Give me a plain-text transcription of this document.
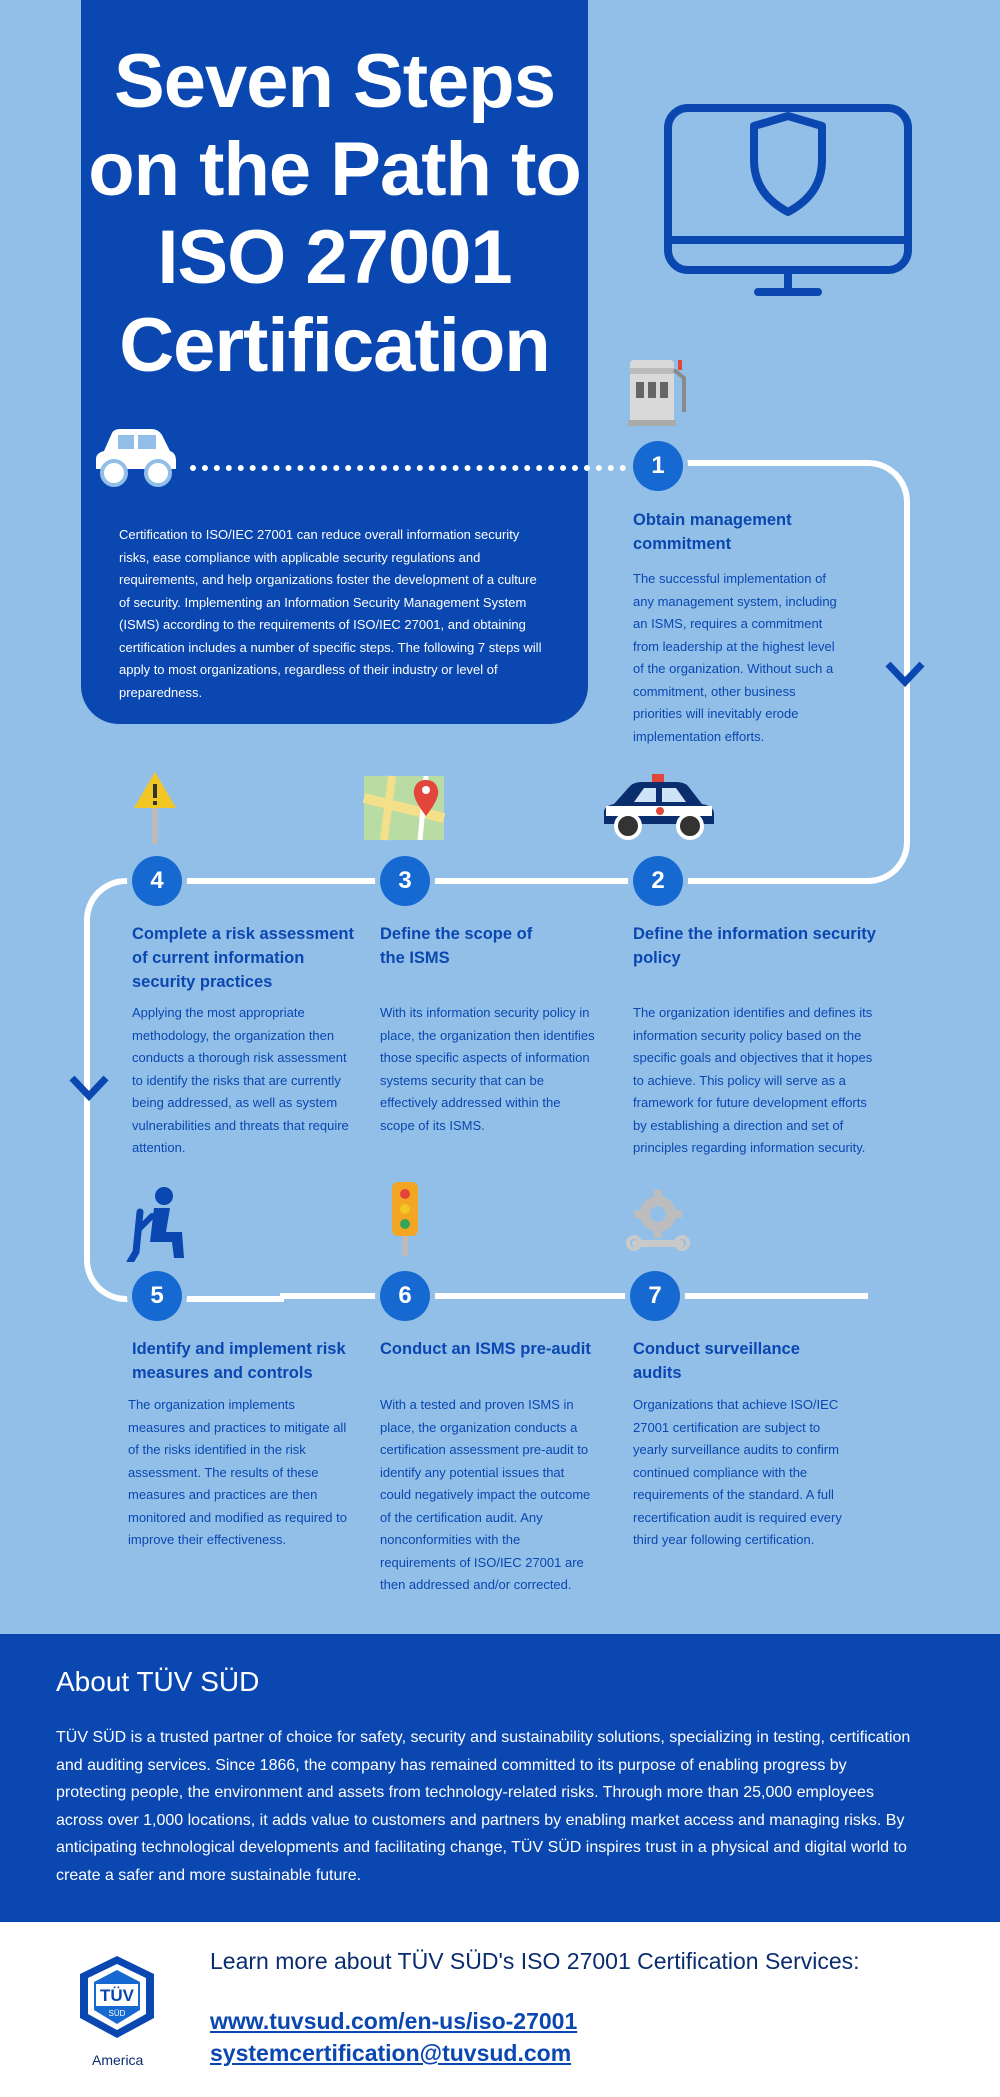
Seven Steps
on the Path to
ISO 27001
Certification
Certification to ISO/IEC 27001 can reduce overall information security risks, ease compliance with applicable security regulations and requirements, and help organizations foster the development of a culture of security. Implementing an Information Security Management System (ISMS) according to the requirements of ISO/IEC 27001, and obtaining certification includes a number of specific steps. The following 7 steps will apply to most organizations, regardless of their industry or level of preparedness.
1
Obtain management commitment
The successful implementation of any management system, including an ISMS, requires a commitment from leadership at the highest level of the organization. Without such a commitment, other business priorities will inevitably erode implementation efforts.
2
Define the information security policy
The organization identifies and defines its information security policy based on the specific goals and objectives that it hopes to achieve. This policy will serve as a framework for future development efforts by establishing a direction and set of principles regarding information security.
3
Define the scope of the ISMS
With its information security policy in place, the organization then identifies those specific aspects of information systems security that can be effectively addressed within the scope of its ISMS.
4
Complete a risk assessment of current information security practices
Applying the most appropriate methodology, the organization then conducts a thorough risk assessment to identify the risks that are currently being addressed, as well as system vulnerabilities and threats that require attention.
5
Identify and implement risk measures and controls
The organization implements measures and practices to mitigate all of the risks identified in the risk assessment. The results of these measures and practices are then monitored and modified as required to improve their effectiveness.
6
Conduct an ISMS pre-audit
With a tested and proven ISMS in place, the organization conducts a certification assessment pre-audit to identify any potential issues that could negatively impact the outcome of the certification audit. Any nonconformities with the requirements of ISO/IEC 27001 are then addressed and/or corrected.
7
Conduct surveillance audits
Organizations that achieve ISO/IEC 27001 certification are subject to yearly surveillance audits to confirm continued compliance with the requirements of the standard. A full recertification audit is required every third year following certification.
About TÜV SÜD

TÜV SÜD is a trusted partner of choice for safety, security and sustainability solutions, specializing in testing, certification and auditing services. Since 1866, the company has remained committed to its purpose of enabling progress by protecting people, the environment and assets from technology-related risks. Through more than 25,000 employees across over 1,000 locations, it adds value to customers and partners by enabling market access and managing risks. By anticipating technological developments and facilitating change, TÜV SÜD inspires trust in a physical and digital world to create a safer and more sustainable future.

TÜV
SÜD
America
Learn more about TÜV SÜD's ISO 27001 Certification Services:
www.tuvsud.com/en-us/iso-27001
systemcertification@tuvsud.com
